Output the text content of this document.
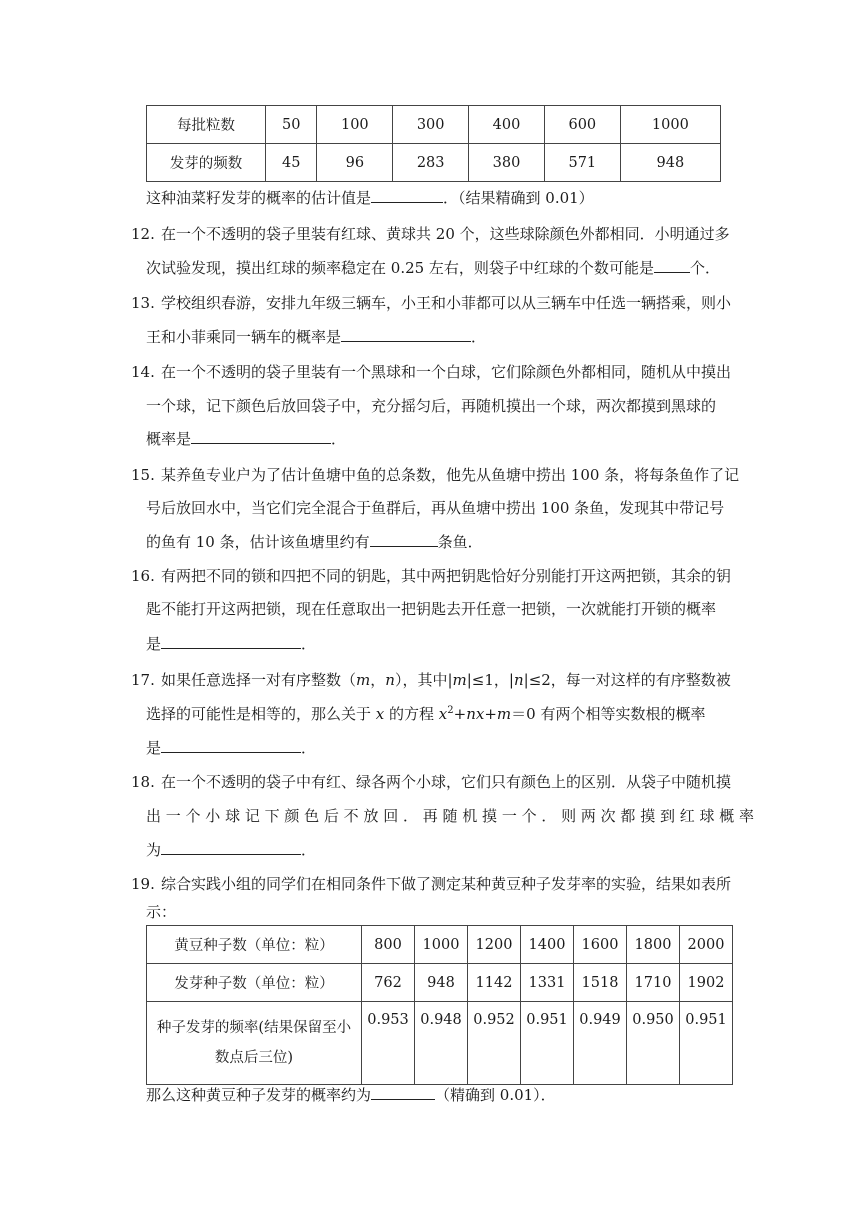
每批粒数	50	100	300	400	600	1000
发芽的频数	45	96	283	380	571	948
这种油菜籽发芽的概率的估计值是	．（结果精确到 0.01）
12. 在一个不透明的袋子里装有红球、黄球共 20 个，这些球除颜色外都相同．小明通过多
次试验发现，摸出红球的频率稳定在 0.25 左右，则袋子中红球的个数可能是 个．
13. 学校组织春游，安排九年级三辆车，小王和小菲都可以从三辆车中任选一辆搭乘，则小
王和小菲乘同一辆车的概率是	．
14. 在一个不透明的袋子里装有一个黑球和一个白球，它们除颜色外都相同，随机从中摸出
一个球，记下颜色后放回袋子中，充分摇匀后，再随机摸出一个球，两次都摸到黑球的
概率是	．
15. 某养鱼专业户为了估计鱼塘中鱼的总条数，他先从鱼塘中捞出 100 条，将每条鱼作了记
号后放回水中，当它们完全混合于鱼群后，再从鱼塘中捞出 100 条鱼，发现其中带记号
的鱼有 10 条，估计该鱼塘里约有	条鱼．
16. 有两把不同的锁和四把不同的钥匙，其中两把钥匙恰好分别能打开这两把锁，其余的钥
匙不能打开这两把锁，现在任意取出一把钥匙去开任意一把锁，一次就能打开锁的概率
是	．
17. 如果任意选择一对有序整数（m，n），其中|m|≤1，|n|≤2，每一对这样的有序整数被
选择的可能性是相等的，那么关于 x 的方程 $x^2+nx+m=0$ 有两个相等实数根的概率
是	．
18. 在一个不透明的袋子中有红、绿各两个小球，它们只有颜色上的区别．从袋子中随机摸
出 一 个 小 球 记 下 颜 色 后 不 放 回 ． 再 随 机 摸 一 个 ． 则 两 次 都 摸 到 红 球 概 率
为	．
19. 综合实践小组的同学们在相同条件下做了测定某种黄豆种子发芽率的实验，结果如表所
示：
黄豆种子数（单位：粒）	800	1000	1200	1400	1600	1800	2000
发芽种子数（单位：粒）	762	948	1142	1331	1518	1710	1902

种子发芽的频率(结果保留至小
数点后三位)	0.953	0.948	0.952	0.951	0.949	0.950	0.951
那么这种黄豆种子发芽的概率约为	（精确到 0.01）．
